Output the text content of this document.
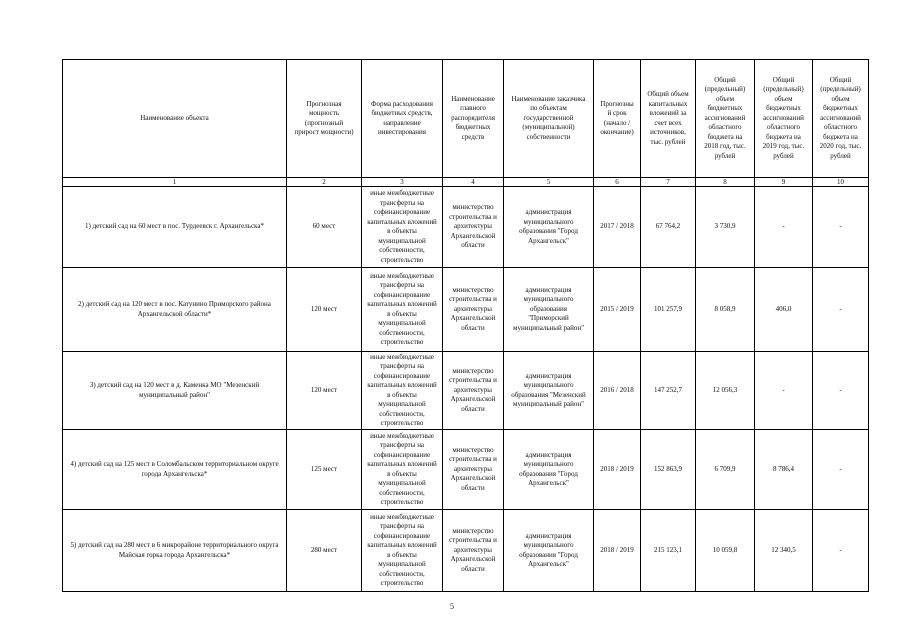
Наименование объекта	Прогнозная мощность (прогнозный прирост мощности)	Форма расходования бюджетных средств, направление инвестирования	Наименование главного распорядителя бюджетных средств	Наименование заказчика по объектам государственной (муниципальной) собственности	Прогнозный срок (начало / окончание)	Общий объем капитальных вложений за счет всех источников, тыс. рублей	Общий (предельный) объем бюджетных ассигнований областного бюджета на 2018 год, тыс. рублей	Общий (предельный) объем бюджетных ассигнований областного бюджета на 2019 год, тыс. рублей	Общий (предельный) объем бюджетных ассигнований областного бюджета на 2020 год, тыс. рублей
1	2	3	4	5	6	7	8	9	10
1) детский сад на 60 мест в пос. Турдеевск г. Архангельска*	60 мест	иные межбюджетные трансферты на софинансирование капитальных вложений в объекты муниципальной собственности, строительство	министерство строительства и архитектуры Архангельской области	администрация муниципального образования "Город Архангельск"	2017 / 2018	67 764,2	3 730,9	-	-
2) детский сад на 120 мест в пос. Катунино Приморского района Архангельской области*	120 мест	иные межбюджетные трансферты на софинансирование капитальных вложений в объекты муниципальной собственности, строительство	министерство строительства и архитектуры Архангельской области	администрация муниципального образования "Приморский муниципальный район"	2015 / 2019	101 257,9	8 058,9	406,0	-
3) детский сад на 120 мест в д. Каменка МО "Мезенский муниципальный район"	120 мест	иные межбюджетные трансферты на софинансирование капитальных вложений в объекты муниципальной собственности, строительство	министерство строительства и архитектуры Архангельской области	администрация муниципального образования "Мезенский муниципальный район"	2016 / 2018	147 252,7	12 056,3	-	-
4) детский сад на 125 мест в Соломбальском территориальном округе города Архангельска*	125 мест	иные межбюджетные трансферты на софинансирование капитальных вложений в объекты муниципальной собственности, строительство	министерство строительства и архитектуры Архангельской области	администрация муниципального образования "Город Архангельск"	2018 / 2019	152 863,9	6 709,9	8 786,4	-
5) детский сад на 280 мест в 6 микрорайоне территориального округа Майская горка города Архангельска*	280 мест	иные межбюджетные трансферты на софинансирование капитальных вложений в объекты муниципальной собственности, строительство	министерство строительства и архитектуры Архангельской области	администрация муниципального образования "Город Архангельск"	2018 / 2019	215 123,1	10 059,8	12 340,5	-
5
